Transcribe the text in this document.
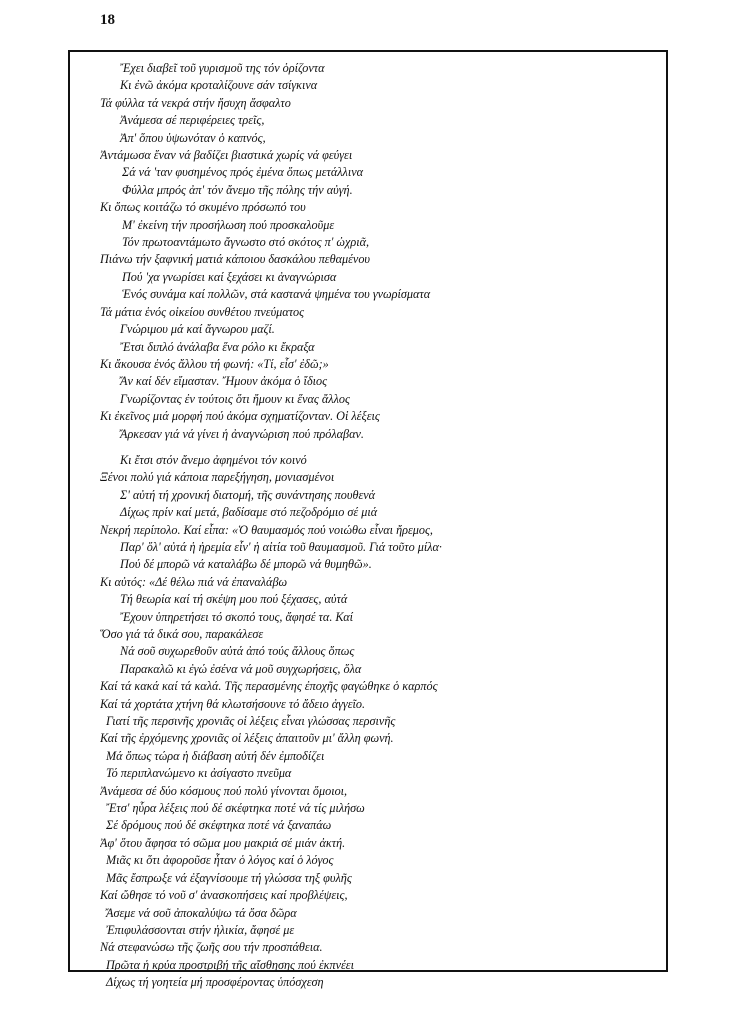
18
Ἔχει διαβεῖ τοῦ γυρισμοῦ της τόν ὁρίζοντα
Κι ἐνῶ ἀκόμα κροταλίζουνε σάν τσίγκινα
Τά φύλλα τά νεκρά στήν ἥσυχη ἄσφαλτο
Ἀνάμεσα σέ περιφέρειες τρεῖς,
Ἀπ' ὅπου ὑψωνόταν ὁ καπνός,
Ἀντάμωσα ἕναν νά βαδίζει βιαστικά χωρίς νά φεύγει
Σά νά 'ταν φυσημένος πρός ἐμένα ὅπως μετάλλινα
Φύλλα μπρός ἀπ' τόν ἄνεμο τῆς πόλης τήν αὐγή.
Κι ὅπως κοιτάζω τό σκυμένο πρόσωπό του
Μ' ἐκείνη τήν προσήλωση πού προσκαλοῦμε
Τόν πρωτοαντάμωτο ἄγνωστο στό σκότος π' ὠχριᾶ,
Πιάνω τήν ξαφνική ματιά κάποιου δασκάλου πεθαμένου
Πού 'χα γνωρίσει καί ξεχάσει κι ἀναγνώρισα
Ἑνός συνάμα καί πολλῶν, στά καστανά ψημένα του γνωρίσματα
Τά μάτια ἑνός οἰκείου συνθέτου πνεύματος
Γνώριμου μά καί ἄγνωρου μαζί.
Ἔτσι διπλό ἀνάλαβα ἕνα ρόλο κι ἔκραξα
Κι ἄκουσα ἑνός ἄλλου τή φωνή: «Τί, εἶσ' ἐδῶ;»
Ἄν καί δέν εἴμασταν. Ἤμουν ἀκόμα ὁ ἴδιος
Γνωρίζοντας ἐν τούτοις ὅτι ἤμουν κι ἕνας ἄλλος
Κι ἐκεῖνος μιά μορφή πού ἀκόμα σχηματίζονταν. Οἱ λέξεις
Ἄρκεσαν γιά νά γίνει ἡ ἀναγνώριση πού πρόλαβαν.
Κι ἔτσι στόν ἄνεμο ἀφημένοι τόν κοινό
Ξένοι πολύ γιά κάποια παρεξήγηση, μονιασμένοι
Σ' αὐτή τή χρονική διατομή, τῆς συνάντησης πουθενά
Δίχως πρίν καί μετά, βαδίσαμε στό πεζοδρόμιο σέ μιά
Νεκρή περίπολο. Καί εἶπα: «Ὁ θαυμασμός πού νοιώθω εἶναι ἤρεμος,
Παρ' ὅλ' αὐτά ἡ ἠρεμία εἶν' ἡ αἰτία τοῦ θαυμασμοῦ. Γιά τοῦτο μίλα·
Πού δέ μπορῶ νά καταλάβω δέ μπορῶ νά θυμηθῶ».
Κι αὐτός: «Δέ θέλω πιά νά ἐπαναλάβω
Τή θεωρία καί τή σκέψη μου πού ξέχασες, αὐτά
Ἔχουν ὑπηρετήσει τό σκοπό τους, ἄφησέ τα. Καί
Ὅσο γιά τά δικά σου, παρακάλεσε
Νά σοῦ συχωρεθοῦν αὐτά ἀπό τούς ἄλλους ὅπως
Παρακαλῶ κι ἐγώ ἐσένα νά μοῦ συγχωρήσεις, ὅλα
Καί τά κακά καί τά καλά. Τῆς περασμένης ἐποχῆς φαγώθηκε ὁ καρπός
Καί τά χορτάτα χτήνη θά κλωτσήσουνε τό ἄδειο ἀγγεῖο.
Γιατί τῆς περσινῆς χρονιᾶς οἱ λέξεις εἶναι γλώσσας περσινῆς
Καί τῆς ἐρχόμενης χρονιᾶς οἱ λέξεις ἀπαιτοῦν μι' ἄλλη φωνή.
Μά ὅπως τώρα ἡ διάβαση αὐτή δέν ἐμποδίζει
Τό περιπλανώμενο κι ἀσίγαστο πνεῦμα
Ἀνάμεσα σέ δύο κόσμους πού πολύ γίνονται ὅμοιοι,
Ἔτσ' ηὗρα λέξεις πού δέ σκέφτηκα ποτέ νά τίς μιλήσω
Σέ δρόμους πού δέ σκέφτηκα ποτέ νά ξαναπάω
Ἀφ' ὅτου ἄφησα τό σῶμα μου μακριά σέ μιάν ἀκτή.
Μιᾶς κι ὅτι ἀφοροῦσε ἦταν ὁ λόγος καί ὁ λόγος
Μᾶς ἔσπρωξε νά ἐξαγνίσουμε τή γλώσσα τηξ φυλῆς
Καί ὤθησε τό νοῦ σ' ἀνασκοπήσεις καί προβλέψεις,
Ἄσεμε νά σοῦ ἀποκαλύψω τά ὅσα δῶρα
Ἐπιφυλάσσονται στήν ἡλικία, ἄφησέ με
Νά στεφανώσω τῆς ζωῆς σου τήν προσπάθεια.
Πρῶτα ἡ κρύα προστριβή τῆς αἴσθησης πού ἐκπνέει
Δίχως τή γοητεία μή προσφέροντας ὑπόσχεση
